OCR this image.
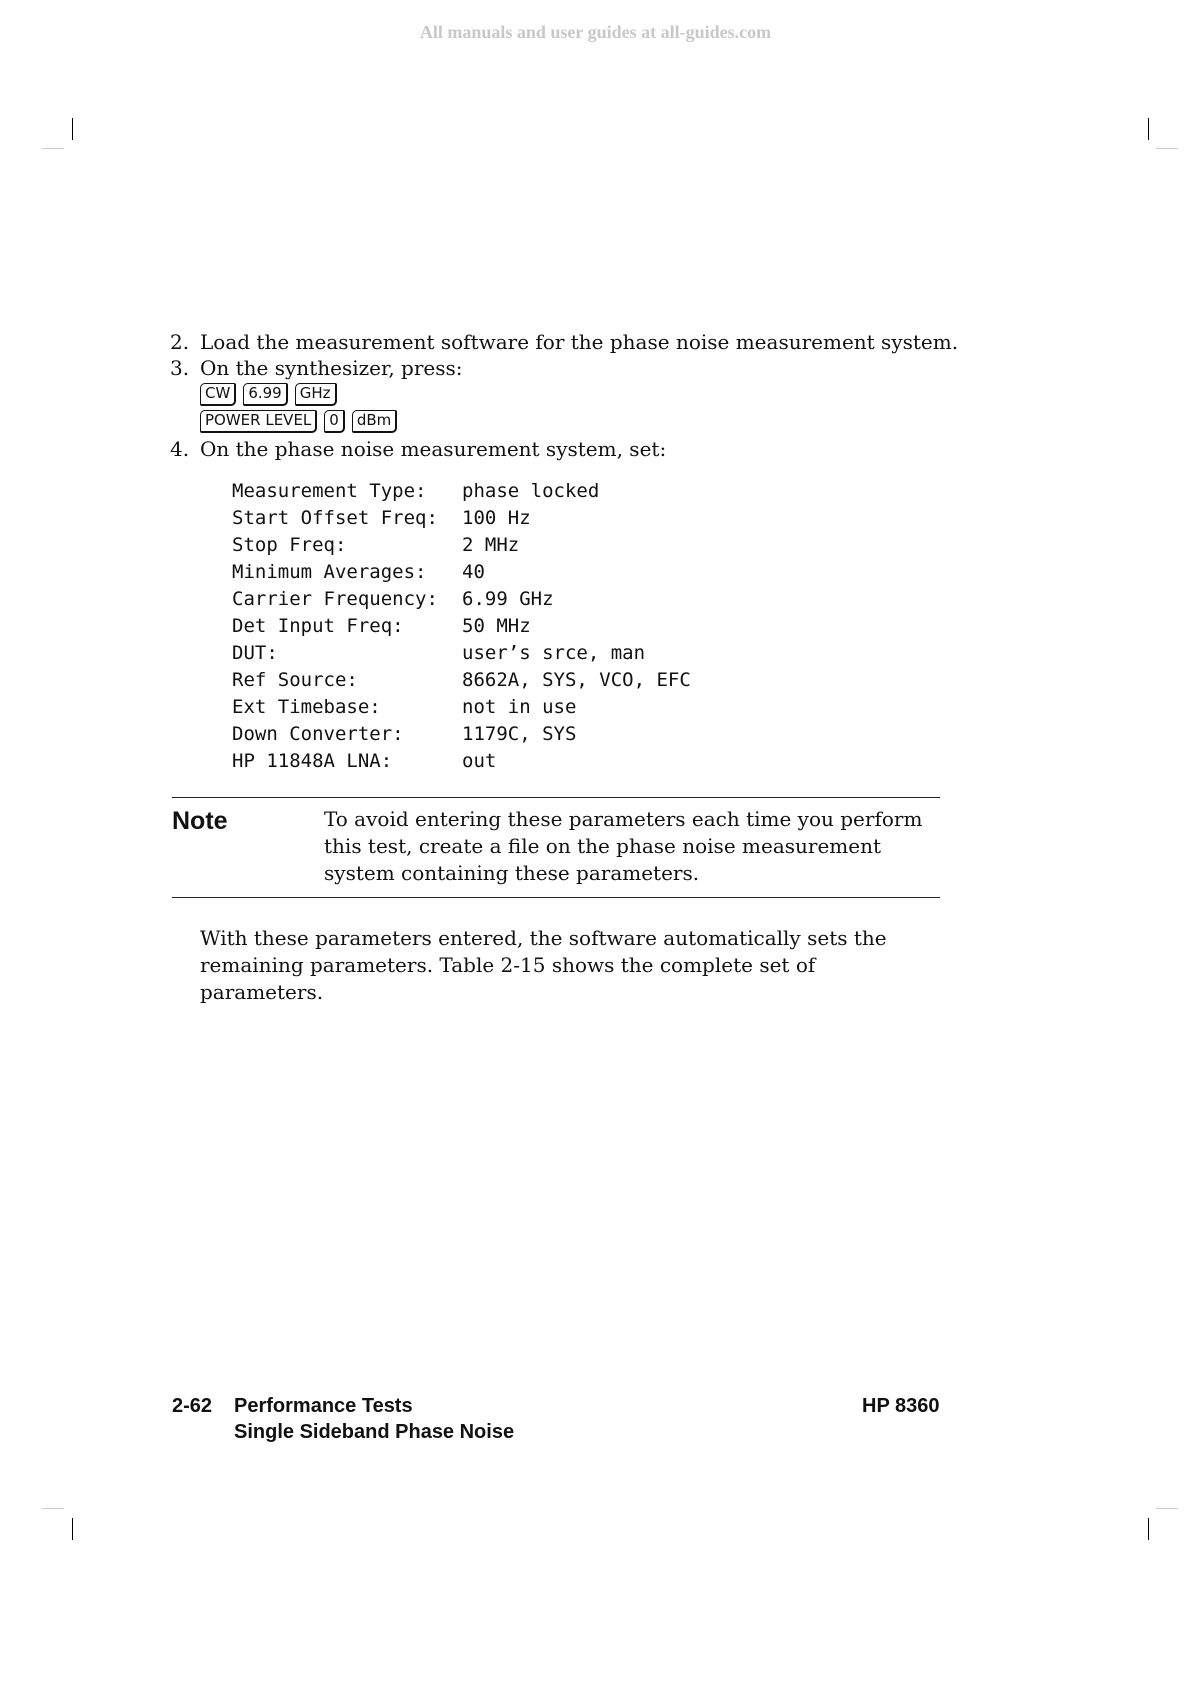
All manuals and user guides at all-guides.com
2. Load the measurement software for the phase noise measurement system.
3. On the synthesizer, press:
CW 6.99 GHz
POWER LEVEL 0 dBm
4. On the phase noise measurement system, set:
Measurement Type: phase locked
Start Offset Freq: 100 Hz
Stop Freq:	2 MHz
Minimum Averages: 40
Carrier Frequency: 6.99 GHz
Det Input Freq:	50 MHz
DUT:	user’s srce, man
Ref Source:	8662A, SYS, VCO, EFC
Ext Timebase:	not in use
Down Converter:	1179C, SYS
HP 11848A LNA:	out
Note	To avoid entering these parameters each time you perform this test, create a file on the phase noise measurement system containing these parameters.
With these parameters entered, the software automatically sets the remaining parameters. Table 2-15 shows the complete set of parameters.
2-62 Performance Tests
Single Sideband Phase Noise
HP 8360
